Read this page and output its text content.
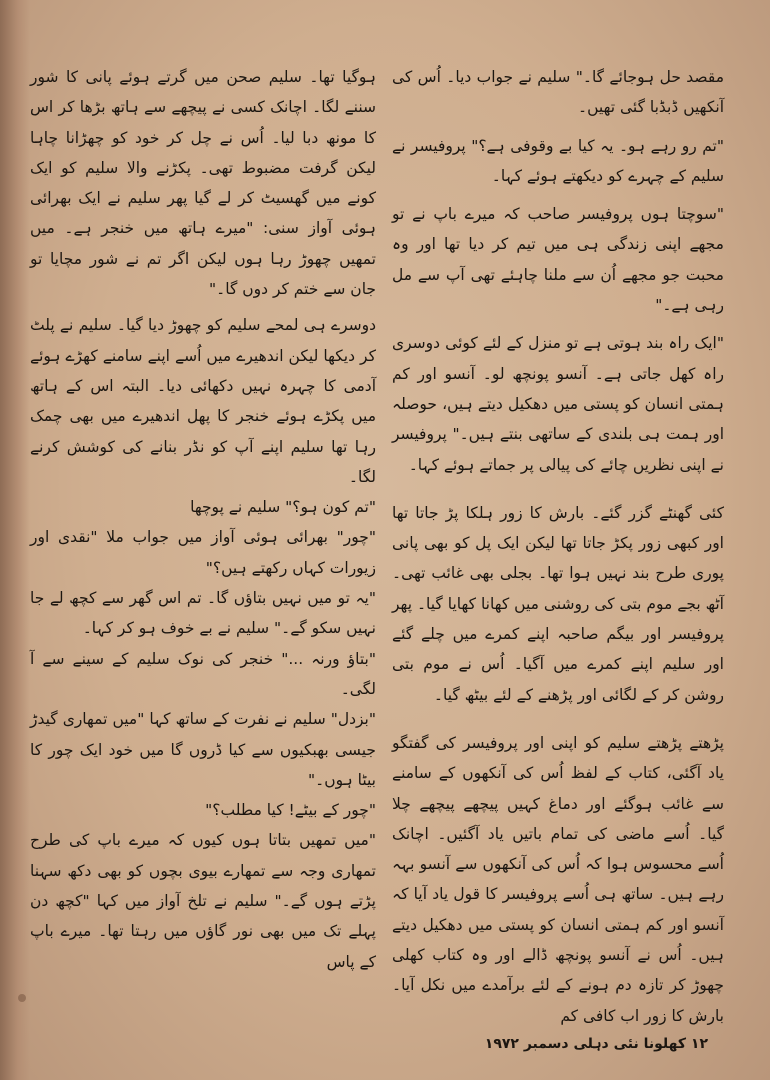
مقصد حل ہوجائے گا۔" سلیم نے جواب دیا۔ اُس کی آنکھیں ڈبڈبا گئی تھیں۔

"تم رو رہے ہو۔ یہ کیا بے وقوفی ہے؟" پروفیسر نے سلیم کے چہرے کو دیکھتے ہوئے کہا۔

"سوچتا ہوں پروفیسر صاحب کہ میرے باپ نے تو مجھے اپنی زندگی ہی میں تیم کر دیا تھا اور وہ محبت جو مجھے اُن سے ملنا چاہئے تھی آپ سے مل رہی ہے۔"

"ایک راہ بند ہوتی ہے تو منزل کے لئے کوئی دوسری راہ کھل جاتی ہے۔ آنسو پونچھ لو۔ آنسو اور کم ہمتی انسان کو پستی میں دھکیل دیتے ہیں، حوصلہ اور ہمت ہی بلندی کے ساتھی بنتے ہیں۔" پروفیسر نے اپنی نظریں چائے کی پیالی پر جماتے ہوئے کہا۔

کئی گھنٹے گزر گئے۔ بارش کا زور ہلکا پڑ جاتا تھا اور کبھی زور پکڑ جاتا تھا لیکن ایک پل کو بھی پانی پوری طرح بند نہیں ہوا تھا۔ بجلی بھی غائب تھی۔ آٹھ بجے موم بتی کی روشنی میں کھانا کھایا گیا۔ پھر پروفیسر اور بیگم صاحبہ اپنے کمرے میں چلے گئے اور سلیم اپنے کمرے میں آگیا۔ اُس نے موم بتی روشن کر کے لگائی اور پڑھنے کے لئے بیٹھ گیا۔

پڑھتے پڑھتے سلیم کو اپنی اور پروفیسر کی گفتگو یاد آگئی، کتاب کے لفظ اُس کی آنکھوں کے سامنے سے غائب ہوگئے اور دماغ کہیں پیچھے پیچھے چلا گیا۔ اُسے ماضی کی تمام باتیں یاد آگئیں۔ اچانک اُسے محسوس ہوا کہ اُس کی آنکھوں سے آنسو بہہ رہے ہیں۔ ساتھ ہی اُسے پروفیسر کا قول یاد آیا کہ آنسو اور کم ہمتی انسان کو پستی میں دھکیل دیتے ہیں۔ اُس نے آنسو پونچھ ڈالے اور وہ کتاب کھلی چھوڑ کر تازہ دم ہونے کے لئے برآمدے میں نکل آیا۔ بارش کا زور اب کافی کم

ہوگیا تھا۔ سلیم صحن میں گرتے ہوئے پانی کا شور سننے لگا۔ اچانک کسی نے پیچھے سے ہاتھ بڑھا کر اس کا مونھ دبا لیا۔ اُس نے چل کر خود کو چھڑانا چاہا لیکن گرفت مضبوط تھی۔ پکڑنے والا سلیم کو ایک کونے میں گھسیٹ کر لے گیا پھر سلیم نے ایک بھرائی ہوئی آواز سنی: "میرے ہاتھ میں خنجر ہے۔ میں تمھیں چھوڑ رہا ہوں لیکن اگر تم نے شور مچایا تو جان سے ختم کر دوں گا۔"

دوسرے ہی لمحے سلیم کو چھوڑ دیا گیا۔ سلیم نے پلٹ کر دیکھا لیکن اندھیرے میں اُسے اپنے سامنے کھڑے ہوئے آدمی کا چہرہ نہیں دکھائی دیا۔ البتہ اس کے ہاتھ میں پکڑے ہوئے خنجر کا پھل اندھیرے میں بھی چمک رہا تھا سلیم اپنے آپ کو نڈر بنانے کی کوشش کرنے لگا۔

"تم کون ہو؟" سلیم نے پوچھا

"چور" بھرائی ہوئی آواز میں جواب ملا "نقدی اور زیورات کہاں رکھتے ہیں؟"

"یہ تو میں نہیں بتاؤں گا۔ تم اس گھر سے کچھ لے جا نہیں سکو گے۔" سلیم نے بے خوف ہو کر کہا۔

"بتاؤ ورنہ ..." خنجر کی نوک سلیم کے سینے سے آ لگی۔

"بزدل" سلیم نے نفرت کے ساتھ کہا "میں تمھاری گیدڑ جیسی بھبکیوں سے کیا ڈروں گا میں خود ایک چور کا بیٹا ہوں۔"

"چور کے بیٹے! کیا مطلب؟"

"میں تمھیں بتاتا ہوں کیوں کہ میرے باپ کی طرح تمھاری وجہ سے تمھارے بیوی بچوں کو بھی دکھ سہنا پڑتے ہوں گے۔" سلیم نے تلخ آواز میں کہا "کچھ دن پہلے تک میں بھی نور گاؤں میں رہتا تھا۔ میرے باپ کے پاس

۱۲ کھلونا نئی دہلی دسمبر ۱۹۷۲
